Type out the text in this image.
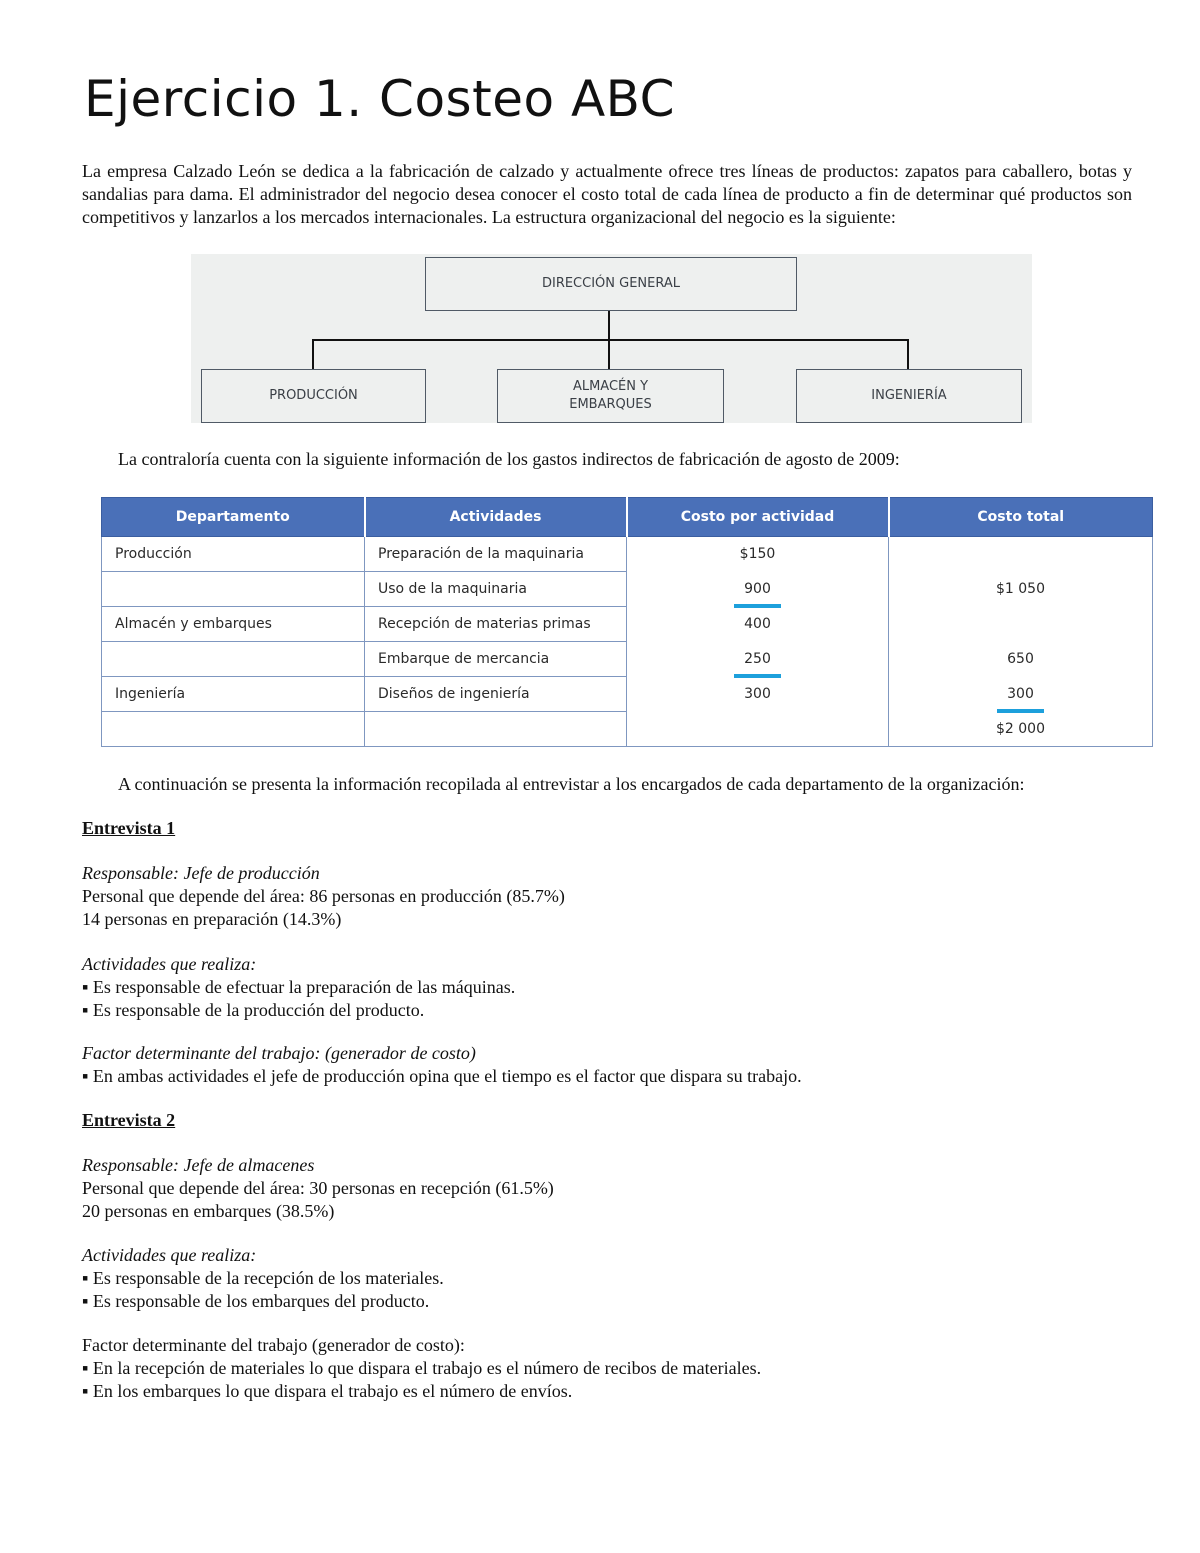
Ejercicio 1. Costeo ABC

La empresa Calzado León se dedica a la fabricación de calzado y actualmente ofrece tres líneas de productos: zapatos para caballero, botas y sandalias para dama. El administrador del negocio desea conocer el costo total de cada línea de producto a fin de determinar qué productos son competitivos y lanzarlos a los mercados internacionales. La estructura organizacional del negocio es la siguiente:

DIRECCIÓN GENERAL
PRODUCCIÓN
ALMACÉN Y
EMBARQUES
INGENIERÍA

La contraloría cuenta con la siguiente información de los gastos indirectos de fabricación de agosto de 2009:

Departamento	Actividades	Costo por actividad	Costo total
Producción	Preparación de la maquinaria	$150	
	Uso de la maquinaria	900	$1 050
Almacén y embarques	Recepción de materias primas	400	
	Embarque de mercancia	250	650
Ingeniería	Diseños de ingeniería	300	300
			$2 000

A continuación se presenta la información recopilada al entrevistar a los encargados de cada departamento de la organización:

Entrevista 1

Responsable: Jefe de producción

Personal que depende del área: 86 personas en producción (85.7%)

14 personas en preparación (14.3%)

Actividades que realiza:

▪ Es responsable de efectuar la preparación de las máquinas.

▪ Es responsable de la producción del producto.

Factor determinante del trabajo: (generador de costo)

▪ En ambas actividades el jefe de producción opina que el tiempo es el factor que dispara su trabajo.

Entrevista 2

Responsable: Jefe de almacenes

Personal que depende del área: 30 personas en recepción (61.5%)

20 personas en embarques (38.5%)

Actividades que realiza:

▪ Es responsable de la recepción de los materiales.

▪ Es responsable de los embarques del producto.

Factor determinante del trabajo (generador de costo):

▪ En la recepción de materiales lo que dispara el trabajo es el número de recibos de materiales.

▪ En los embarques lo que dispara el trabajo es el número de envíos.
